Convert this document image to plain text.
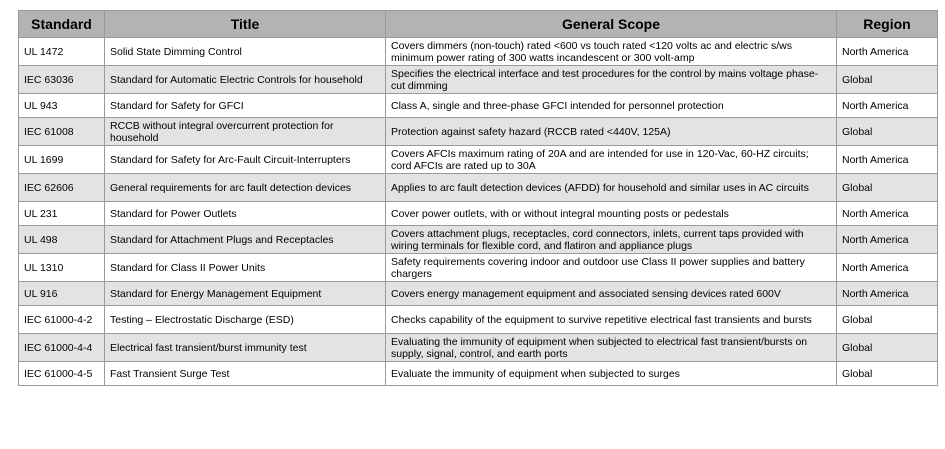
Standard	Title	General Scope	Region
UL 1472	Solid State Dimming Control	Covers dimmers (non-touch) rated <600 vs touch rated <120 volts ac and electric s/ws minimum power rating of 300 watts incandescent or 300 volt-amp	North America
IEC 63036	Standard for Automatic Electric Controls for household	Specifies the electrical interface and test procedures for the control by mains voltage phase-cut dimming	Global
UL 943	Standard for Safety for GFCI	Class A, single and three-phase GFCI intended for personnel protection	North America
IEC 61008	RCCB without integral overcurrent protection for household	Protection against safety hazard (RCCB rated <440V, 125A)	Global
UL 1699	Standard for Safety for Arc-Fault Circuit-Interrupters	Covers AFCIs maximum rating of 20A and are intended for use in 120-Vac, 60-HZ circuits; cord AFCIs are rated up to 30A	North America
IEC 62606	General requirements for arc fault detection devices	Applies to arc fault detection devices (AFDD) for household and similar uses in AC circuits	Global
UL 231	Standard for Power Outlets	Cover power outlets, with or without integral mounting posts or pedestals	North America
UL 498	Standard for Attachment Plugs and Receptacles	Covers attachment plugs, receptacles, cord connectors, inlets, current taps provided with wiring terminals for flexible cord, and flatiron and appliance plugs	North America
UL 1310	Standard for Class II Power Units	Safety requirements covering indoor and outdoor use Class II power supplies and battery chargers	North America
UL 916	Standard for Energy Management Equipment	Covers energy management equipment and associated sensing devices rated 600V	North America
IEC 61000-4-2	Testing – Electrostatic Discharge (ESD)	Checks capability of the equipment to survive repetitive electrical fast transients and bursts	Global
IEC 61000-4-4	Electrical fast transient/burst immunity test	Evaluating the immunity of equipment when subjected to electrical fast transient/bursts on supply, signal, control, and earth ports	Global
IEC 61000-4-5	Fast Transient Surge Test	Evaluate the immunity of equipment when subjected to surges	Global
